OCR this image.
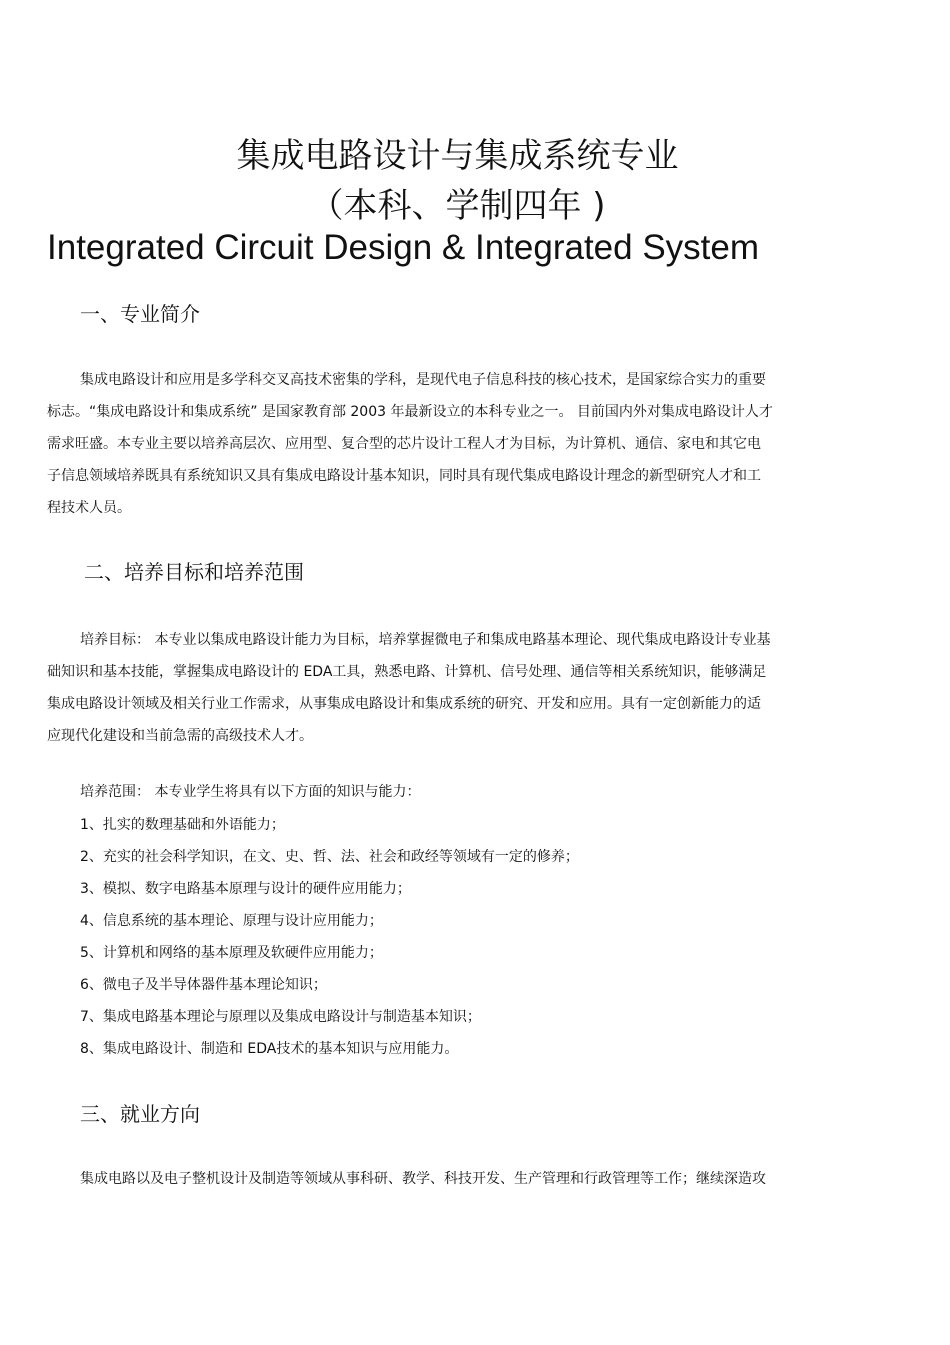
集成电路设计与集成系统专业
（本科、学制四年 )
Integrated Circuit Design & Integrated System
一、专业简介
集成电路设计和应用是多学科交叉高技术密集的学科，是现代电子信息科技的核心技术，是国家综合实力的重要
标志。“集成电路设计和集成系统” 是国家教育部 2003 年最新设立的本科专业之一。 目前国内外对集成电路设计人才
需求旺盛。本专业主要以培养高层次、应用型、复合型的芯片设计工程人才为目标，为计算机、通信、家电和其它电
子信息领域培养既具有系统知识又具有集成电路设计基本知识，同时具有现代集成电路设计理念的新型研究人才和工
程技术人员。
二、培养目标和培养范围
培养目标： 本专业以集成电路设计能力为目标，培养掌握微电子和集成电路基本理论、现代集成电路设计专业基
础知识和基本技能，掌握集成电路设计的 EDA工具，熟悉电路、计算机、信号处理、通信等相关系统知识，能够满足
集成电路设计领域及相关行业工作需求，从事集成电路设计和集成系统的研究、开发和应用。具有一定创新能力的适
应现代化建设和当前急需的高级技术人才。
培养范围： 本专业学生将具有以下方面的知识与能力：
1、扎实的数理基础和外语能力；
2、充实的社会科学知识，在文、史、哲、法、社会和政经等领域有一定的修养；
3、模拟、数字电路基本原理与设计的硬件应用能力；
4、信息系统的基本理论、原理与设计应用能力；
5、计算机和网络的基本原理及软硬件应用能力；
6、微电子及半导体器件基本理论知识；
7、集成电路基本理论与原理以及集成电路设计与制造基本知识；
8、集成电路设计、制造和 EDA技术的基本知识与应用能力。
三、就业方向
集成电路以及电子整机设计及制造等领域从事科研、教学、科技开发、生产管理和行政管理等工作；继续深造攻
